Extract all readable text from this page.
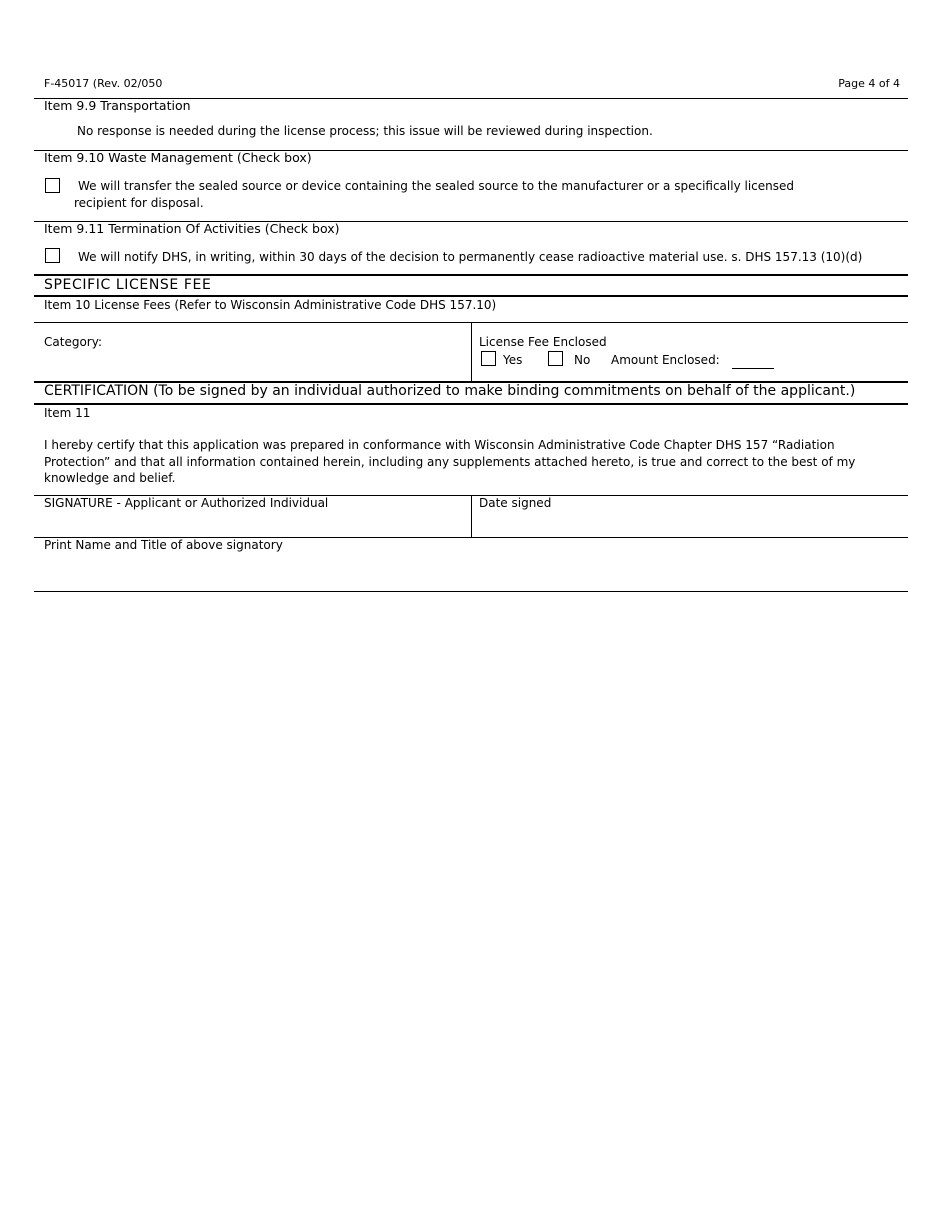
F-45017 (Rev. 02/050	Page 4 of 4
Item 9.9 Transportation
No response is needed during the license process; this issue will be reviewed during inspection.
Item 9.10 Waste Management (Check box)
We will transfer the sealed source or device containing the sealed source to the manufacturer or a specifically licensed
recipient for disposal.
Item 9.11 Termination Of Activities (Check box)
We will notify DHS, in writing, within 30 days of the decision to permanently cease radioactive material use. s. DHS 157.13 (10)(d)
SPECIFIC LICENSE FEE
Item 10 License Fees (Refer to Wisconsin Administrative Code DHS 157.10)
Category:	License Fee Enclosed
Yes	No Amount Enclosed:
CERTIFICATION (To be signed by an individual authorized to make binding commitments on behalf of the applicant.)
Item 11
I hereby certify that this application was prepared in conformance with Wisconsin Administrative Code Chapter DHS 157 “Radiation Protection” and that all information contained herein, including any supplements attached hereto, is true and correct to the best of my knowledge and belief.
SIGNATURE - Applicant or Authorized Individual	Date signed
Print Name and Title of above signatory
